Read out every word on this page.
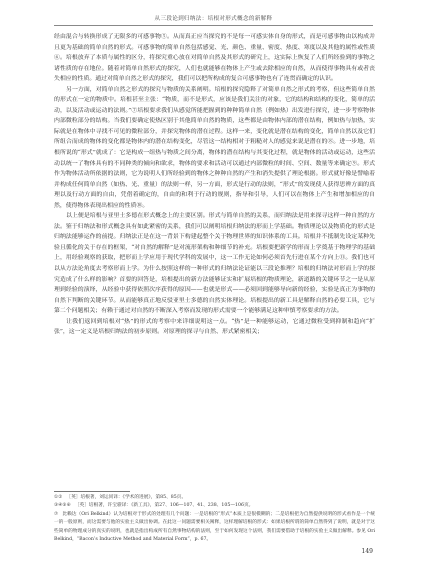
从三段论到归纳法：培根对形式概念的新解释

经由混合与转换形成了无限多的可感事物⑤。从而真正应当探究的不是每一可感实体自身的形式，而是可感事物由以构成并且更为基础的简单自然的形式。可感事物的简单自然包括感觉、光、颜色、重量、密度、热度、寒度以及其他的属性或性质⑥。培根放弃了本质与属性的区分，将探究重心放在对简单自然及其形式的研究上，这实际上恢复了人们所经验到的事物之诸性质的存在地位。随着对简单自然形式的探究，人们也就能够在物体上产生或去除相应的自然，从而使得事物具有或者丧失相应的性质。通过对简单自然之形式的探究，我们可以把所构成的复合可感事物也有了连贯而确定的认识。

另一方面，对简单自然之形式的探究与物质的关系阐明。培根的探究隐释了对简单自然之形式的考察，但这些简单自然的形式在一定的物质中。培根甚至主张：“物质，而不是形式，应该是我们关注的对象，它的结构和结构的变化，简单的活动，以及活动或运动的法则。”⑦培根要求我们从感觉所能把握到的种种简单自然（例如热）出发进行探究，进一步考察物体内部微粒部分的结构。当我们要确定使热区别于其他简单自然的物质，这些都是由物体内部的潜在结构，例如热与加热，实际就是在物体中寻找不可见的微粒部分，并探究物体的潜在过程。这样一来，变化就是潜在结构的变化，简单自然以及它们所组合而成的物体的变化都是物体内的潜在结构变化，尽管这一结构相对于粗糙对人的感觉来说是潜在的⑧。进一步地，培根所说的“形式”就成了：它是构成一组热与物质之间分离，物体的潜在结构与其变化过程，就是物体的活动或运动，这些活动以统一了物体具有的不同种类的倾向和欲求，物体的要求和活动可以通过内部微粒的时间、空间、数量等来确定⑨。形式作为物体活动所依据的法则，它为说明人们所经验到的物体之种种自然的产生和消失提供了理论根据。形式就好像是譬喻着并构成任何简单自然（如热、光、重量）的法则一样，另一方面，形式是行动的法则，“形式”的发现使人获得思辨方面的真理以及行动方面的自由，凭借着确定的，自由的和利于行动的规则，指导和引导，人们可以在物体上产生和增加相应的自然，使得物体表现出相应的性质⑩。

以上便是培根与亚里士多德在形式概念上的主要区别。形式与简单自然的关系，而归纳法是用来探寻这样一种自然的方法。鉴于归纳法和形式概念具有如此紧密的关系，我们可以阐明培根归纳法的形而上学基础。物质理论以及物质化的形式是归纳法能够运作的前提。归纳法正是在这一背景下构建起整个关于物理世界的知识体系的工具。培根并不抵制先设定某种先验且循化的关于存在的框架，“对自然的解释”是对流形架构和种细节的补充。培根要把新学的形而上学奠基于物理学的基础上，用经验观察的获取，把形而上学应用于现代学科的发展中，这一工作无论如何必须首先行进在某个方向上⑪。我们也可以从方法论角度去考察形而上学。为什么按照这样的一种形式的归纳法论证能以三段论推理？培根的归纳法对形而上学的探究造成了什么样的影响？首要的回答是，培根提出的新方法能够证实和扩展培根的物质理论，新道路的关键环节之一是从原理到经验的演绎，从经验中获得依照次序获得的原因——也就是形式——必须回到能够导向新的经验，实验是真正为事物的自然下判断的关键环节。从而能够真正地反驳亚里士多德的自然实体理论。培根提出的新工具是解释自然的必要工具，它与第二个问题相关；有赖于通过对自然的不断深入考察而发现的形式需要一个能够满足这种审慎考察要求的方法。

让我们返回到培根对“热”的形式的考察中来详细说明这一点。“热”是一种能够运动，它通过微粒受到抑制和趋向“扩张”，这一定义是培根归纳法的初步原则。对原理的探寻与自然、形式紧密相关；

①② ［英］培根著，刘运同译：《学术的进展》，第85、85页。
③④⑤⑥ ［英］培根著，许宝骙译：《新工具》，第27、106—107、41、238、105—106页。
⑦ 比赖达（Ori Belkind）认为培根对于形式的处理有几个问题：一是培根的“形式”本质上是很模糊的；二是培根把为自然提供说明的形式看作是一个统一的一般原则，而这需要与他的实验主义做出协调。在此这一问题需要相关阐释，这样理解培根的形式：如果培根所谓的简单自然得到了说明，就是对于这些简单的物理成分的真实的说明，也就是指出构成所有自然事物结构的法则，至于如何发现这个法则，我们需要借助于培根的实验主义做出解释。参见 Ori Belkind，“Bacon’s Inductive Method and Material Form”，p. 67。
149
